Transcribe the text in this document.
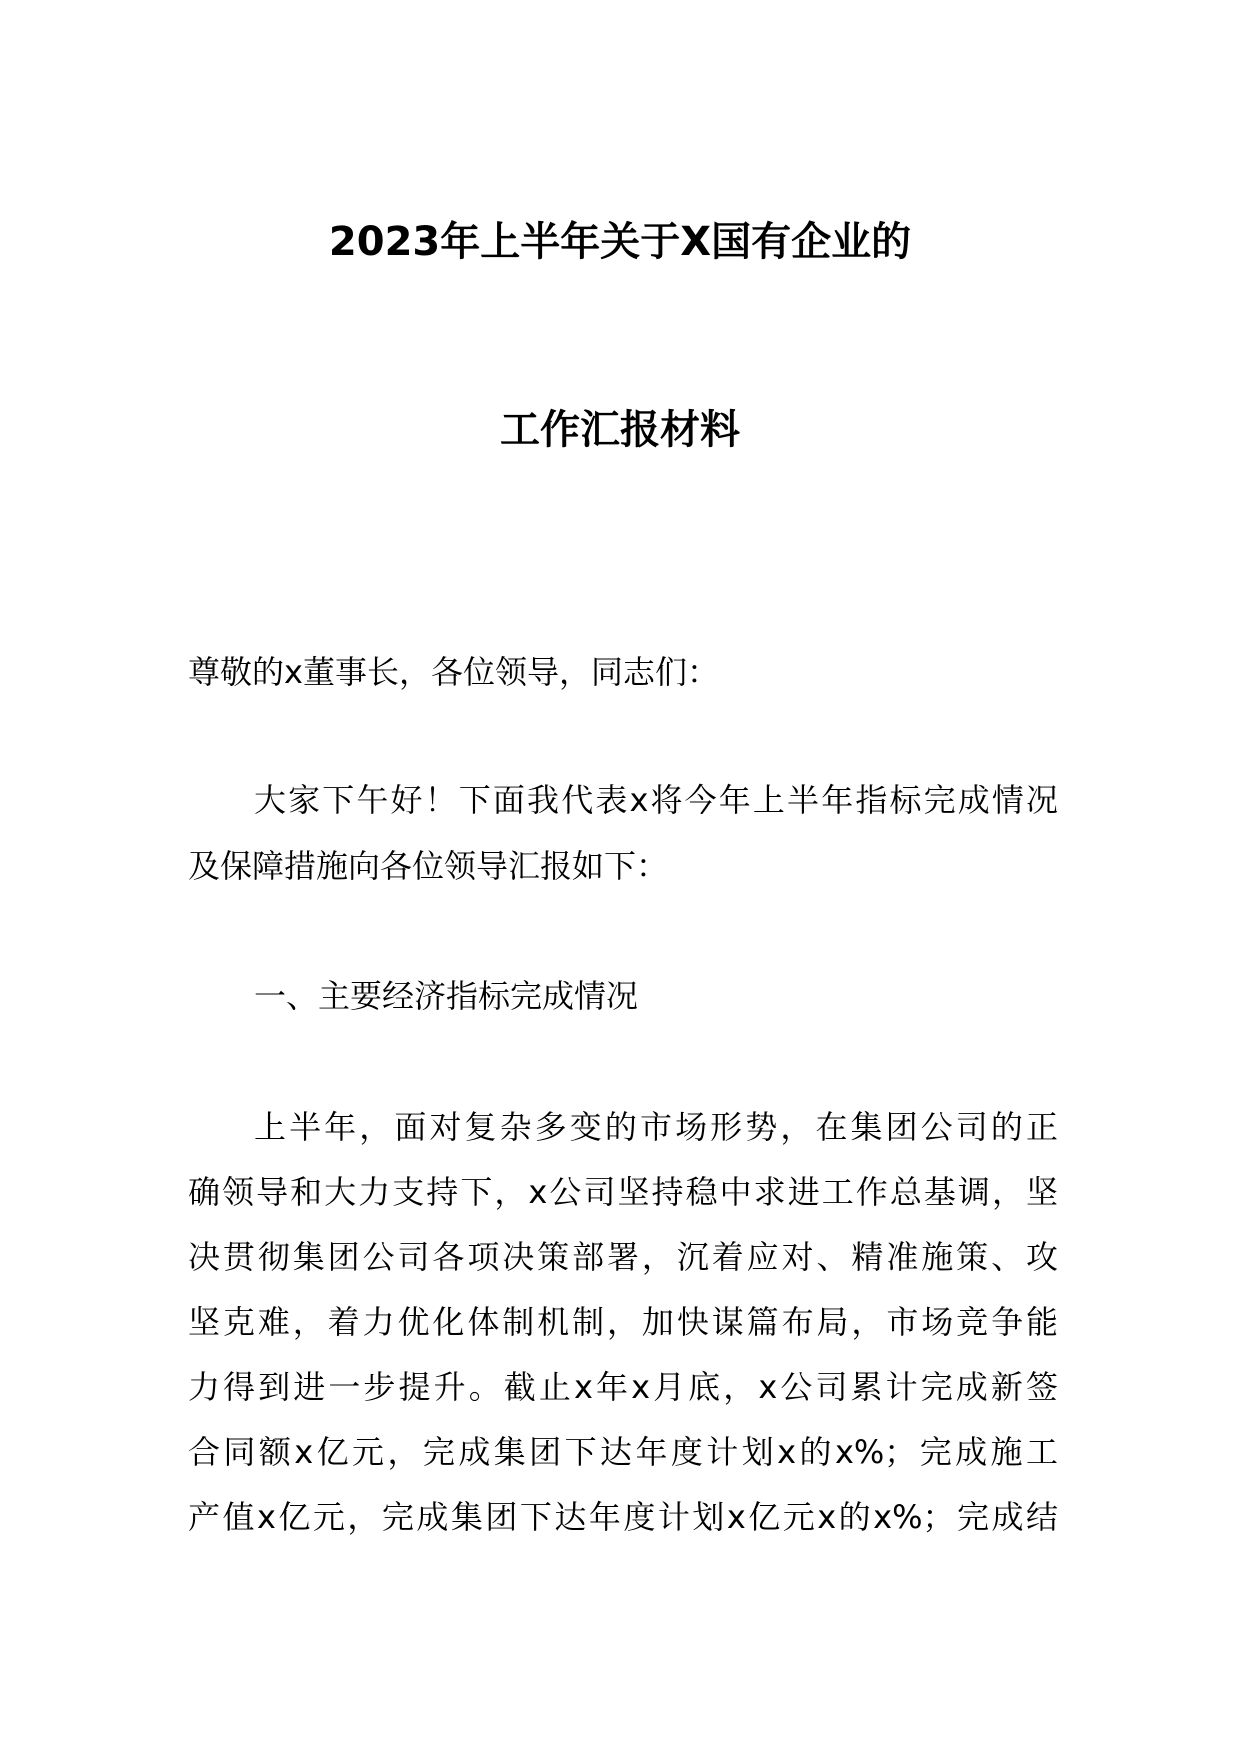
2023年上半年关于X国有企业的
工作汇报材料
尊敬的x董事长，各位领导，同志们：
大家下午好！下面我代表x将今年上半年指标完成情况
及保障措施向各位领导汇报如下：
一、主要经济指标完成情况
上半年，面对复杂多变的市场形势，在集团公司的正
确领导和大力支持下，x公司坚持稳中求进工作总基调，坚
决贯彻集团公司各项决策部署，沉着应对、精准施策、攻
坚克难，着力优化体制机制，加快谋篇布局，市场竞争能
力得到进一步提升。截止x年x月底，x公司累计完成新签
合同额x亿元，完成集团下达年度计划x的x%；完成施工
产值x亿元，完成集团下达年度计划x亿元x的x%；完成结
